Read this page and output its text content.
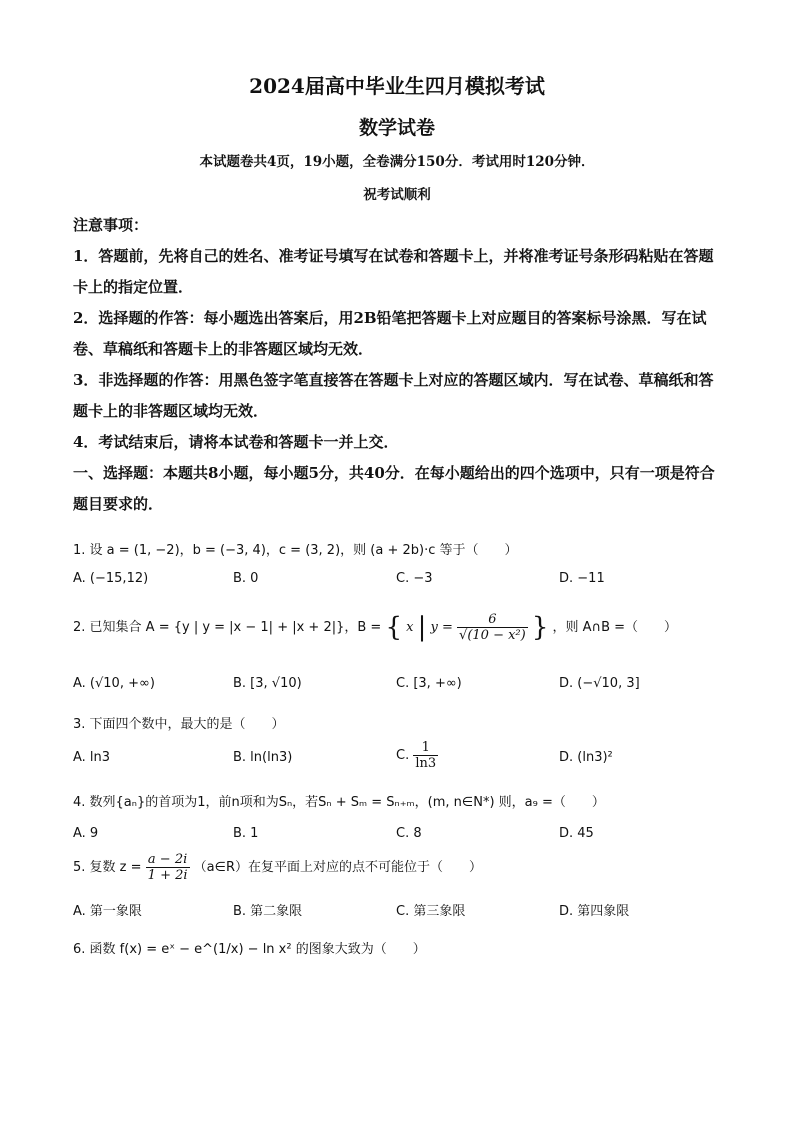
2024届高中毕业生四月模拟考试
数学试卷
本试题卷共4页，19小题，全卷满分150分．考试用时120分钟．
祝考试顺利
注意事项：
1．答题前，先将自己的姓名、准考证号填写在试卷和答题卡上，并将准考证号条形码粘贴在答题卡上的指定位置．
2．选择题的作答：每小题选出答案后，用2B铅笔把答题卡上对应题目的答案标号涂黑．写在试卷、草稿纸和答题卡上的非答题区域均无效．
3．非选择题的作答：用黑色签字笔直接答在答题卡上对应的答题区域内．写在试卷、草稿纸和答题卡上的非答题区域均无效．
4．考试结束后，请将本试卷和答题卡一并上交．
一、选择题：本题共8小题，每小题5分，共40分．在每小题给出的四个选项中，只有一项是符合题目要求的．
1. 设 a = (1, −2)，b = (−3, 4)，c = (3, 2)，则 (a + 2b)·c 等于（　　）
A. (−15,12)	B. 0	C. −3	D. −11
2. 已知集合 A = {y | y = |x − 1| + |x + 2|}，B = { x | $y = \frac{6}{\text{√(10 − x²)}}$ } ，则 A∩B =（　　）
A. (√10, +∞)	B. [3, √10)	C. [3, +∞)	D. (−√10, 3]
3. 下面四个数中，最大的是（　　）
A. ln3	B. ln(ln3)	C. $\frac{1}{\ln 3}$	D. (ln3)²
4. 数列{aₙ}的首项为1，前n项和为Sₙ，若Sₙ + Sₘ = Sₙ₊ₘ，(m, n∈N*) 则，a₉ =（　　）
A. 9	B. 1	C. 8	D. 45
5. 复数 $z = \frac{a - 2i}{1 + 2i}$ （a∈R）在复平面上对应的点不可能位于（　　）
A. 第一象限	B. 第二象限	C. 第三象限	D. 第四象限
6. 函数 f(x) = eˣ − e^(1/x) − ln x² 的图象大致为（　　）
